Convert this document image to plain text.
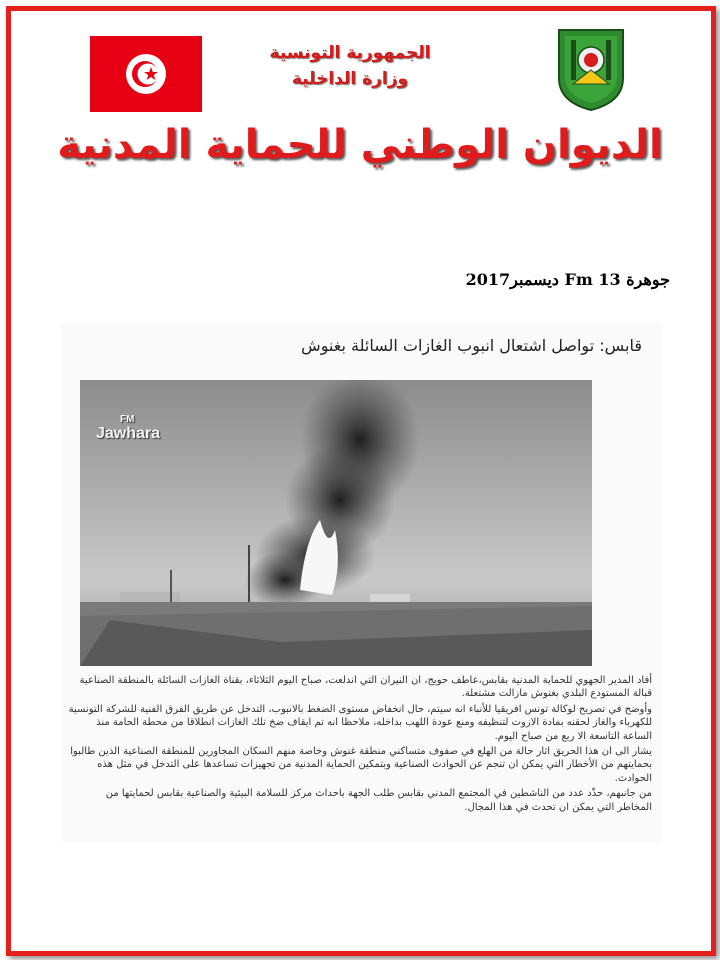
الجمهورية التونسية
وزارة الداخلية
الديوان الوطني للحماية المدنية
جوهرة Fm 13 ديسمبر2017
قابس: تواصل اشتعال انبوب الغازات السائلة بغنوش
FM
Jawhara

أفاد المدير الجهوي للحماية المدنية بقابس،عاطف حويج، ان النيران التي اندلعت، صباح اليوم الثلاثاء، بقناة الغازات السائلة بالمنطقة الصناعية قبالة المستودع البلدي بغنوش مازالت مشتعلة.

وأوضح في تصريح لوكالة تونس افريقيا للأنباء انه سيتم، حال انخفاض مستوى الضغط بالانبوب، التدخل عن طريق الفرق الفنية للشركة التونسية للكهرباء والغاز لحقنه بمادة الازوت لتنظيفه ومنع عودة اللهب بداخله، ملاحظا انه تم ايقاف ضخ تلك الغازات انطلاقا من محطة الحامة منذ الساعة التاسعة الا ربع من صباح اليوم.

يشار الى ان هذا الحريق اثار حالة من الهلع في صفوف متساكني منطقة غنوش وخاصة منهم السكان المجاورين للمنطقة الصناعية الذين طالبوا بحمايتهم من الأخطار التي يمكن ان تنجم عن الحوادث الصناعية وبتمكين الحماية المدنية من تجهيزات تساعدها على التدخل في مثل هذه الحوادث.

من جانبهم، حذّد عدد من الناشطين في المجتمع المدني بقابس طلب الجهة باحداث مركز للسلامة البيئية والصناعية بقابس لحمايتها من المخاطر التي يمكن ان تحدث في هذا المجال.
